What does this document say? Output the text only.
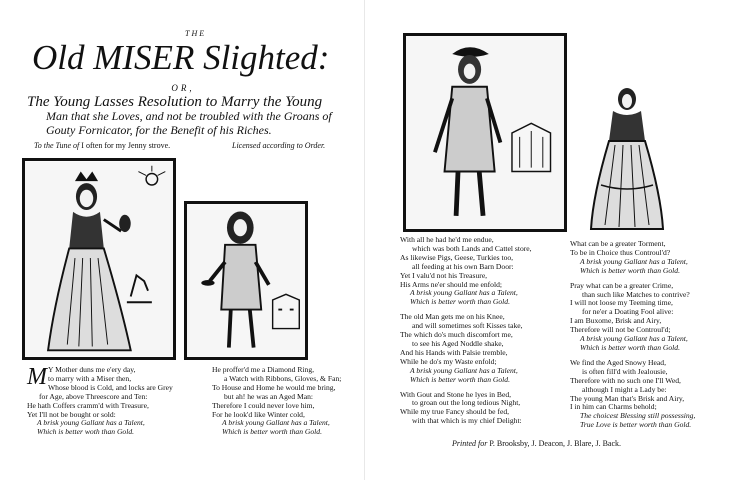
THE
Old MISER Slighted:
OR,
The Young Lasses Resolution to Marry the Young
Man that she Loves, and not be troubled with the Groans of Gouty Fornicator, for the Benefit of his Riches.
To the Tune of I often for my Jenny strove.	Licensed according to Order.
M Y Mother duns me e'ery day,
to marry with a Miser then,
Whose blood is Cold, and locks are Grey
for Age, above Threescore and Ten:
He hath Coffers cramm'd with Treasure,
Yet I'll not be bought or sold:
A brisk young Gallant has a Talent,
Which is better woth than Gold.
He proffer'd me a Diamond Ring,
a Watch with Ribbons, Gloves, & Fan;
To House and Home he would me bring,
but ah! he was an Aged Man:
Therefore I could never love him,
For he look'd like Winter cold,
A brisk young Gallant has a Talent,
Which is better worth than Gold.
With all he had he'd me endue,
which was both Lands and Cattel store,
As likewise Pigs, Geese, Turkies too,
all feeding at his own Barn Door:
Yet I valu'd not his Treasure,
His Arms ne'er should me enfold;
A brisk young Gallant has a Talent,
Which is better worth than Gold.
The old Man gets me on his Knee,
and will sometimes soft Kisses take,
The which do's much discomfort me,
to see his Aged Noddle shake,
And his Hands with Palsie tremble,
While he do's my Waste enfold;
A brisk young Gallant has a Talent,
Which is better worth than Gold.
With Gout and Stone he lyes in Bed,
to groan out the long tedious Night,
While my true Fancy should be fed,
with that which is my chief Delight:
What can be a greater Torment,
To be in Choice thus Controul'd?
A brisk young Gallant has a Talent,
Which is better worth than Gold.
Pray what can be a greater Crime,
than such like Matches to contrive?
I will not loose my Teeming time,
for ne'er a Doating Fool alive:
I am Buxome, Brisk and Airy,
Therefore will not be Controul'd;
A brisk young Gallant has a Talent,
Which is better worth than Gold.
We find the Aged Snowy Head,
is often fill'd with Jealousie,
Therefore with no such one I'll Wed,
although I might a Lady be:
The young Man that's Brisk and Airy,
I in him can Charms behold;
The choicest Blessing still possessing,
True Love is better worth than Gold.
Printed for P. Brooksby, J. Deacon, J. Blare, J. Back.
